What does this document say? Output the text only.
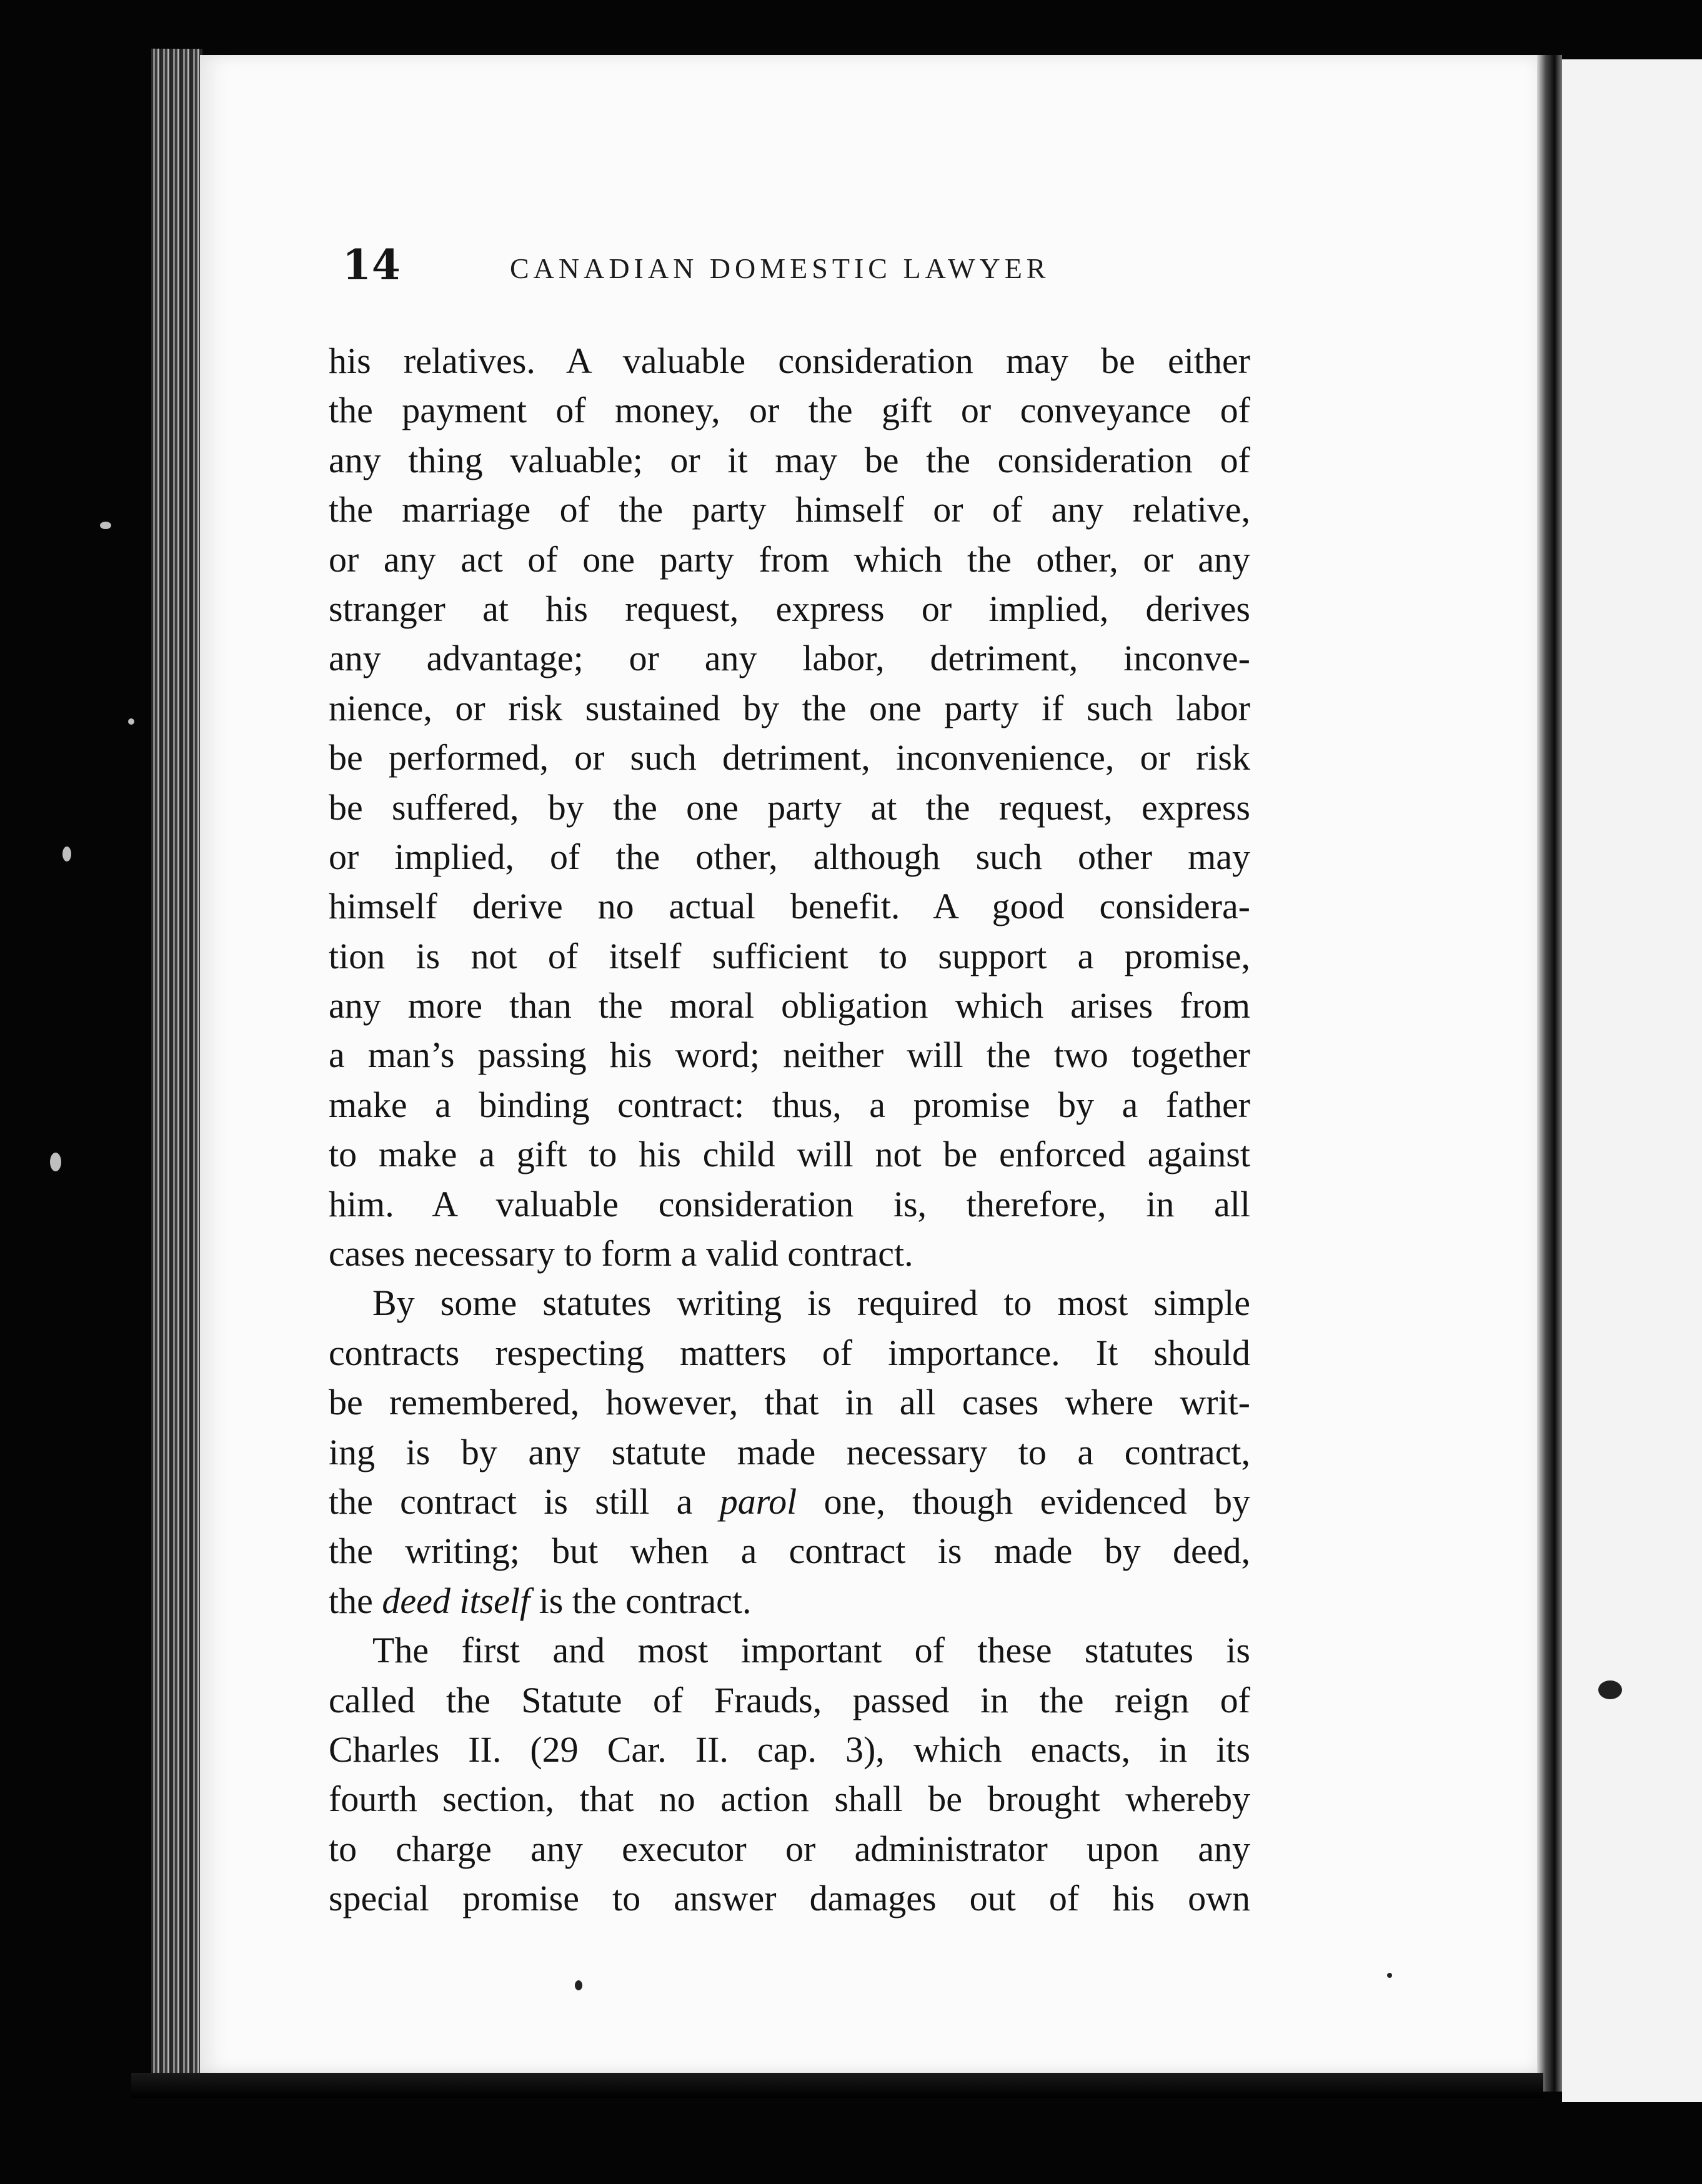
14	CANADIAN DOMESTIC LAWYER

his relatives. A valuable consideration may be either
the payment of money, or the gift or conveyance of
any thing valuable; or it may be the consideration of
the marriage of the party himself or of any relative,
or any act of one party from which the other, or any
stranger at his request, express or implied, derives
any advantage; or any labor, detriment, inconve-
nience, or risk sustained by the one party if such labor
be performed, or such detriment, inconvenience, or risk
be suffered, by the one party at the request, express
or implied, of the other, although such other may
himself derive no actual benefit. A good considera-
tion is not of itself sufficient to support a promise,
any more than the moral obligation which arises from
a man’s passing his word; neither will the two together
make a binding contract: thus, a promise by a father
to make a gift to his child will not be enforced against
him. A valuable consideration is, therefore, in all
cases necessary to form a valid contract.

By some statutes writing is required to most simple
contracts respecting matters of importance. It should
be remembered, however, that in all cases where writ-
ing is by any statute made necessary to a contract,
the contract is still a parol one, though evidenced by
the writing; but when a contract is made by deed,
the deed itself is the contract.

The first and most important of these statutes is
called the Statute of Frauds, passed in the reign of
Charles II. (29 Car. II. cap. 3), which enacts, in its
fourth section, that no action shall be brought whereby
to charge any executor or administrator upon any
special promise to answer damages out of his own
